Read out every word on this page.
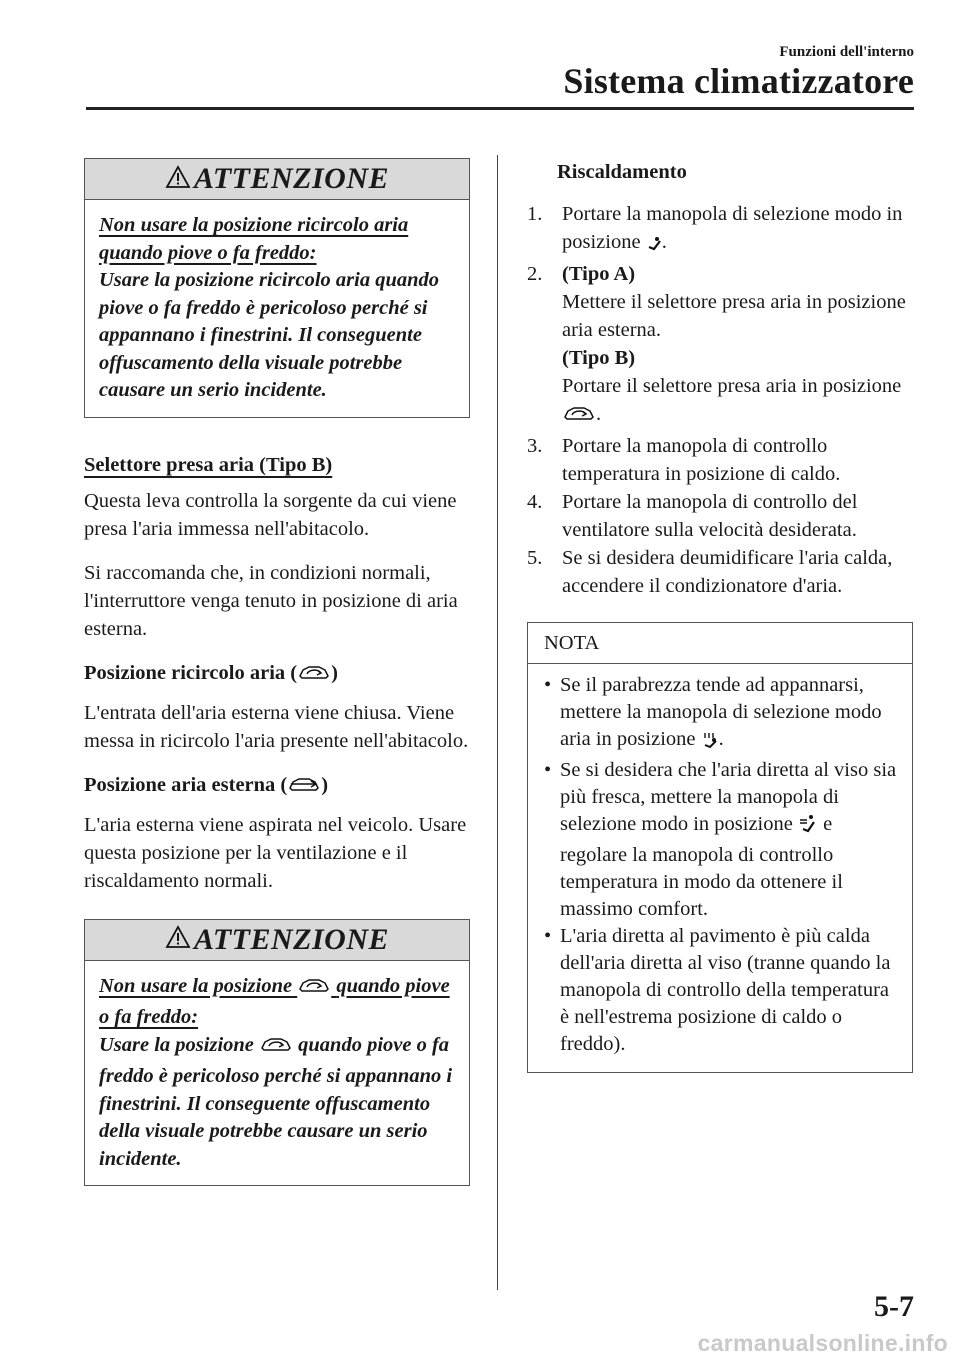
Funzioni dell'interno
Sistema climatizzatore
ATTENZIONE
Non usare la posizione ricircolo aria quando piove o fa freddo:
Usare la posizione ricircolo aria quando piove o fa freddo è pericoloso perché si appannano i finestrini. Il conseguente offuscamento della visuale potrebbe causare un serio incidente.
Selettore presa aria (Tipo B)

Questa leva controlla la sorgente da cui viene presa l'aria immessa nell'abitacolo.

Si raccomanda che, in condizioni normali, l'interruttore venga tenuto in posizione di aria esterna.

Posizione ricircolo aria ( )

L'entrata dell'aria esterna viene chiusa. Viene messa in ricircolo l'aria presente nell'abitacolo.

Posizione aria esterna ( )

L'aria esterna viene aspirata nel veicolo. Usare questa posizione per la ventilazione e il riscaldamento normali.

ATTENZIONE
Non usare la posizione quando piove o fa freddo:
Usare la posizione quando piove o fa freddo è pericoloso perché si appannano i finestrini. Il conseguente offuscamento della visuale potrebbe causare un serio incidente.
Riscaldamento
1. Portare la manopola di selezione modo in posizione .
2. (Tipo A)
Mettere il selettore presa aria in posizione aria esterna.
(Tipo B)
Portare il selettore presa aria in posizione .
3. Portare la manopola di controllo temperatura in posizione di caldo.
4. Portare la manopola di controllo del ventilatore sulla velocità desiderata.
5. Se si desidera deumidificare l'aria calda, accendere il condizionatore d'aria.
NOTA
• Se il parabrezza tende ad appannarsi, mettere la manopola di selezione modo aria in posizione .
• Se si desidera che l'aria diretta al viso sia più fresca, mettere la manopola di selezione modo in posizione e regolare la manopola di controllo temperatura in modo da ottenere il massimo comfort.
• L'aria diretta al pavimento è più calda dell'aria diretta al viso (tranne quando la manopola di controllo della temperatura è nell'estrema posizione di caldo o freddo).
5-7
carmanualsonline.info
